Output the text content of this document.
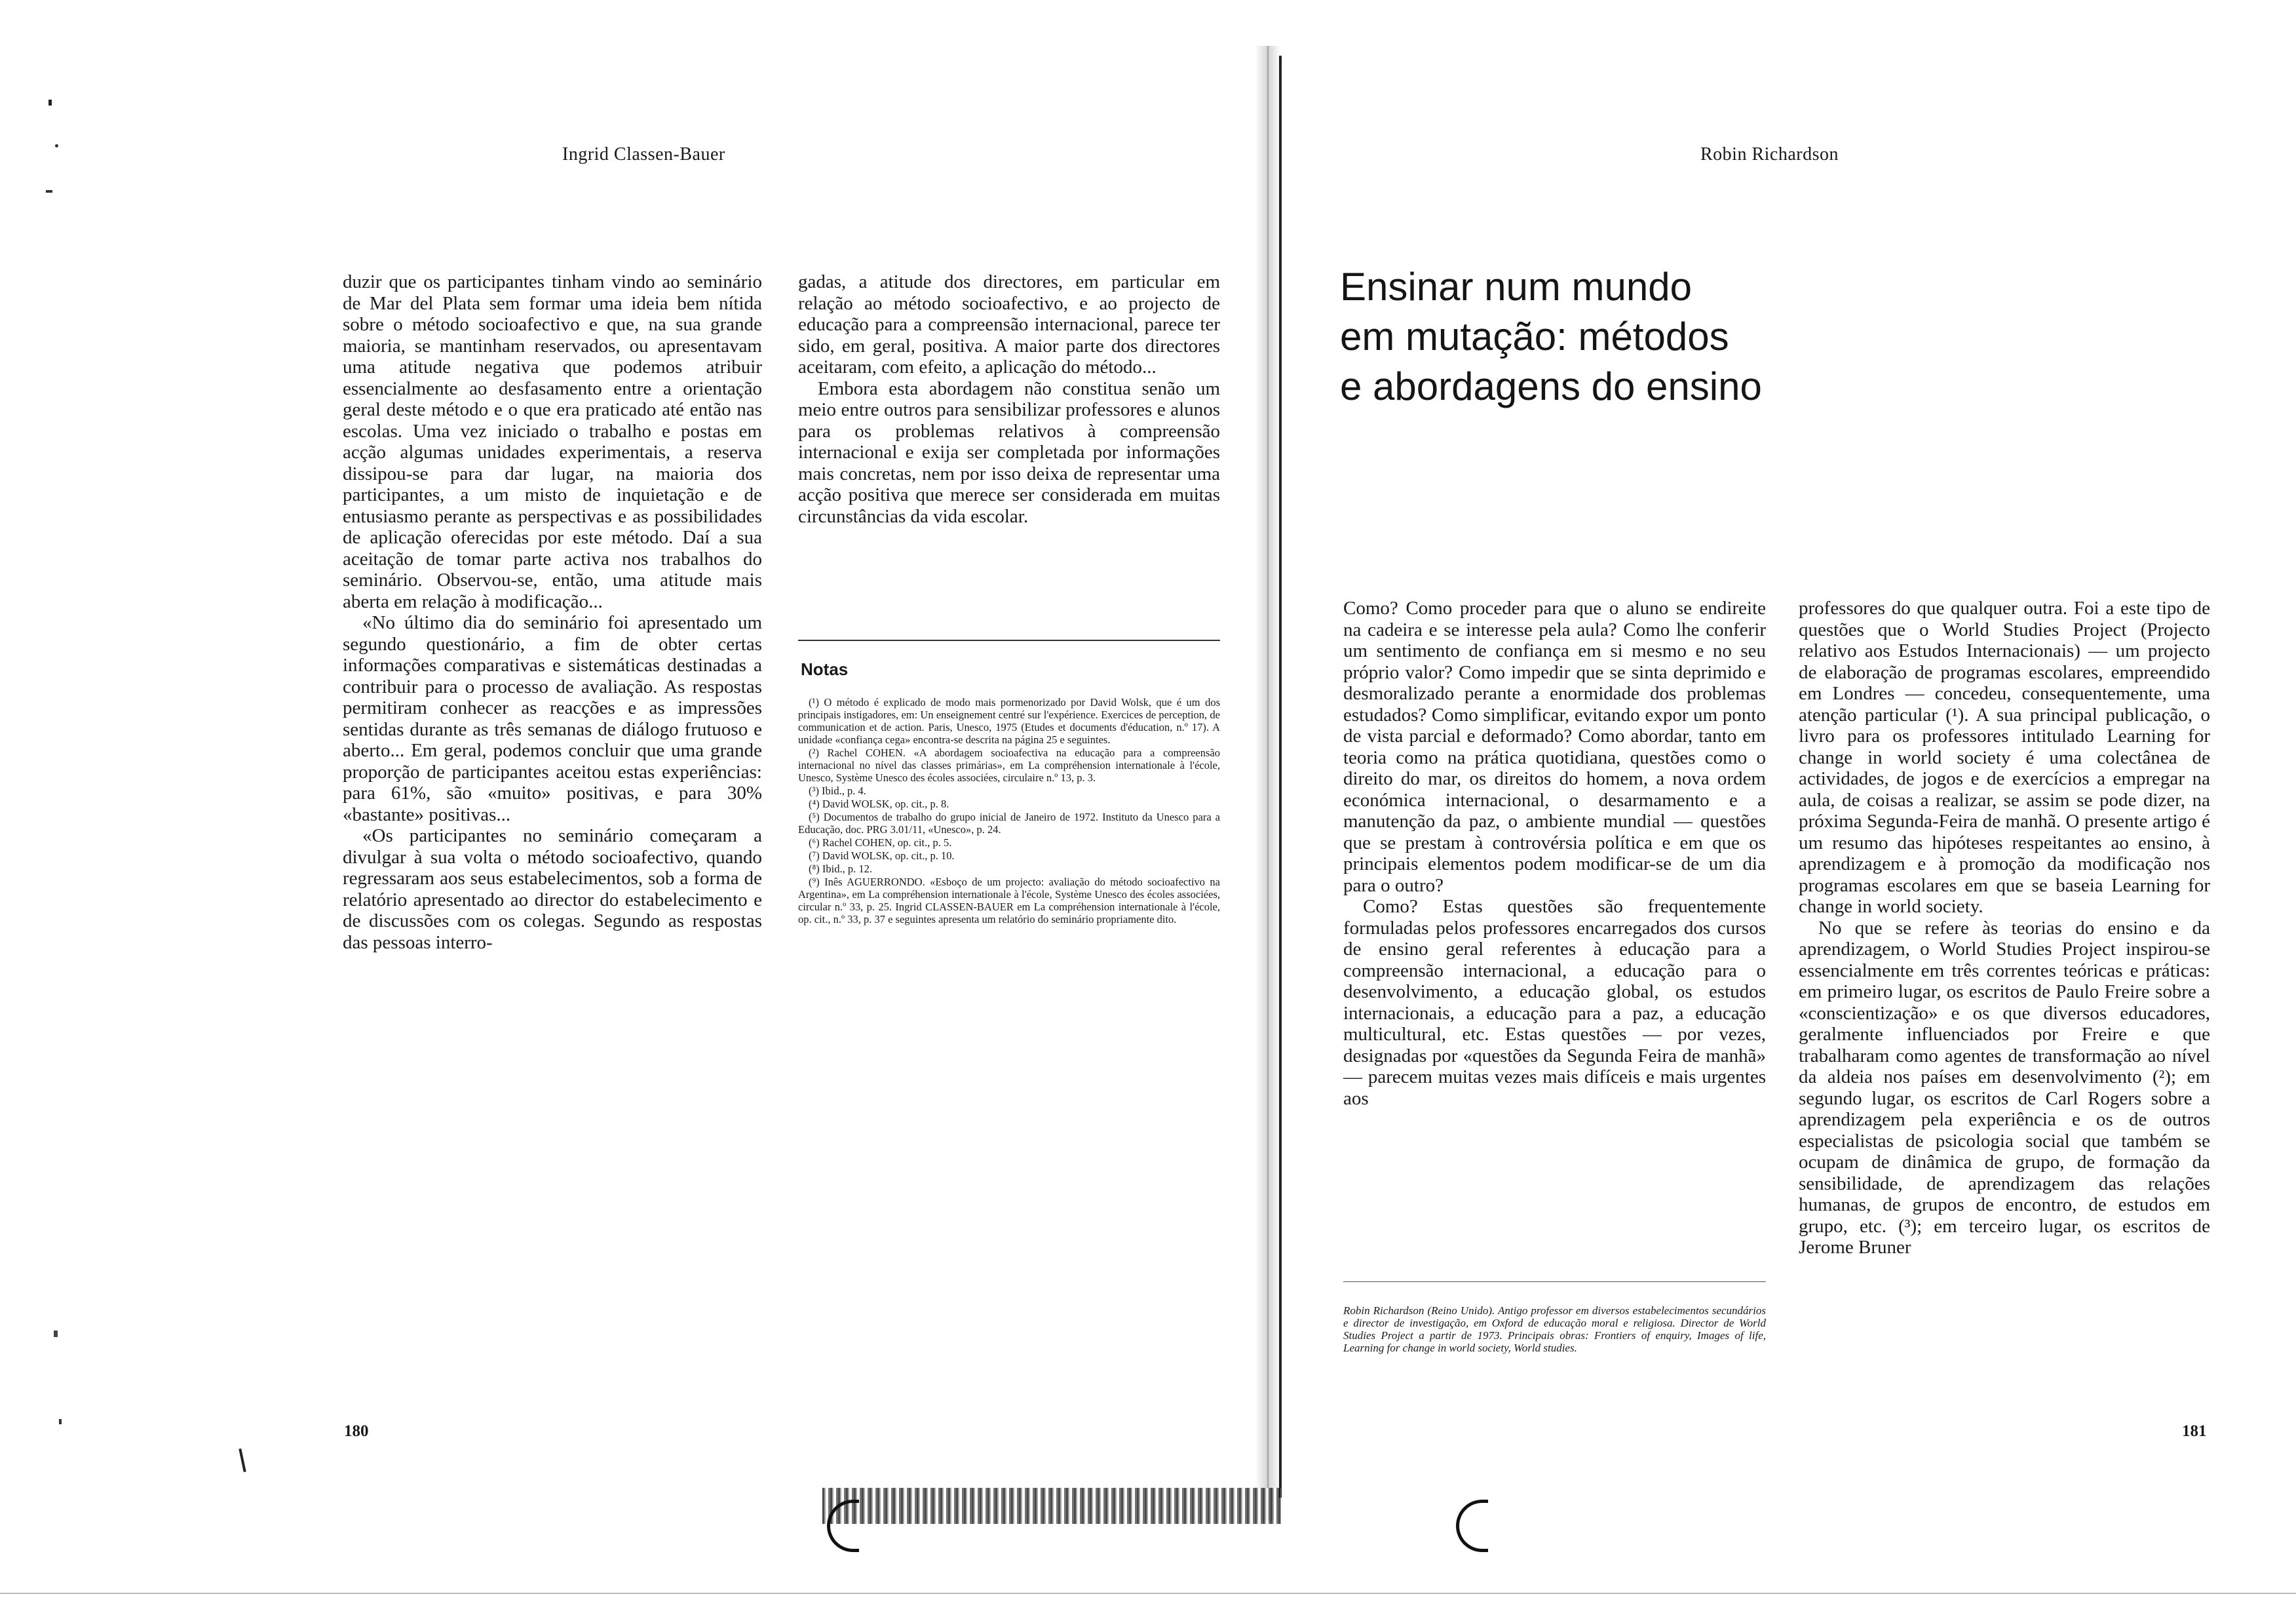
Ingrid Classen-Bauer

duzir que os participantes tinham vindo ao seminário de Mar del Plata sem formar uma ideia bem nítida sobre o método socioafectivo e que, na sua grande maioria, se mantinham reservados, ou apresentavam uma atitude negativa que podemos atribuir essencialmente ao desfasamento entre a orientação geral deste método e o que era praticado até então nas escolas. Uma vez iniciado o trabalho e postas em acção algumas unidades experimentais, a reserva dissipou-se para dar lugar, na maioria dos participantes, a um misto de inquietação e de entusiasmo perante as perspectivas e as possibilidades de aplicação oferecidas por este método. Daí a sua aceitação de tomar parte activa nos trabalhos do seminário. Observou-se, então, uma atitude mais aberta em relação à modificação...

«No último dia do seminário foi apresentado um segundo questionário, a fim de obter certas informações comparativas e sistemáticas destinadas a contribuir para o processo de avaliação. As respostas permitiram conhecer as reacções e as impressões sentidas durante as três semanas de diálogo frutuoso e aberto... Em geral, podemos concluir que uma grande proporção de participantes aceitou estas experiências: para 61%, são «muito» positivas, e para 30% «bastante» positivas...

«Os participantes no seminário começaram a divulgar à sua volta o método socioafectivo, quando regressaram aos seus estabelecimentos, sob a forma de relatório apresentado ao director do estabelecimento e de discussões com os colegas. Segundo as respostas das pessoas interro-

gadas, a atitude dos directores, em particular em relação ao método socioafectivo, e ao projecto de educação para a compreensão internacional, parece ter sido, em geral, positiva. A maior parte dos directores aceitaram, com efeito, a aplicação do método...

Embora esta abordagem não constitua senão um meio entre outros para sensibilizar professores e alunos para os problemas relativos à compreensão internacional e exija ser completada por informações mais concretas, nem por isso deixa de representar uma acção positiva que merece ser considerada em muitas circunstâncias da vida escolar.

Notas

(¹) O método é explicado de modo mais pormenorizado por David Wolsk, que é um dos principais instigadores, em: Un enseignement centré sur l'expérience. Exercices de perception, de communication et de action. Paris, Unesco, 1975 (Etudes et documents d'éducation, n.º 17). A unidade «confiança cega» encontra-se descrita na página 25 e seguintes.

(²) Rachel COHEN. «A abordagem socioafectiva na educação para a compreensão internacional no nível das classes primárias», em La compréhension internationale à l'école, Unesco, Système Unesco des écoles associées, circulaire n.º 13, p. 3.

(³) Ibid., p. 4.

(⁴) David WOLSK, op. cit., p. 8.

(⁵) Documentos de trabalho do grupo inicial de Janeiro de 1972. Instituto da Unesco para a Educação, doc. PRG 3.01/11, «Unesco», p. 24.

(⁶) Rachel COHEN, op. cit., p. 5.

(⁷) David WOLSK, op. cit., p. 10.

(⁸) Ibid., p. 12.

(⁹) Inês AGUERRONDO. «Esboço de um projecto: avaliação do método socioafectivo na Argentina», em La compréhension internationale à l'école, Système Unesco des écoles associées, circular n.º 33, p. 25. Ingrid CLASSEN-BAUER em La compréhension internationale à l'école, op. cit., n.º 33, p. 37 e seguintes apresenta um relatório do seminário propriamente dito.

180
Robin Richardson
Ensinar num mundo
em mutação: métodos
e abordagens do ensino

Como? Como proceder para que o aluno se endireite na cadeira e se interesse pela aula? Como lhe conferir um sentimento de confiança em si mesmo e no seu próprio valor? Como impedir que se sinta deprimido e desmoralizado perante a enormidade dos problemas estudados? Como simplificar, evitando expor um ponto de vista parcial e deformado? Como abordar, tanto em teoria como na prática quotidiana, questões como o direito do mar, os direitos do homem, a nova ordem económica internacional, o desarmamento e a manutenção da paz, o ambiente mundial — questões que se prestam à controvérsia política e em que os principais elementos podem modificar-se de um dia para o outro?

Como? Estas questões são frequentemente formuladas pelos professores encarregados dos cursos de ensino geral referentes à educação para a compreensão internacional, a educação para o desenvolvimento, a educação global, os estudos internacionais, a educação para a paz, a educação multicultural, etc. Estas questões — por vezes, designadas por «questões da Segunda Feira de manhã» — parecem muitas vezes mais difíceis e mais urgentes aos

Robin Richardson (Reino Unido). Antigo professor em diversos estabelecimentos secundários e director de investigação, em Oxford de educação moral e religiosa. Director de World Studies Project a partir de 1973. Principais obras: Frontiers of enquiry, Images of life, Learning for change in world society, World studies.

professores do que qualquer outra. Foi a este tipo de questões que o World Studies Project (Projecto relativo aos Estudos Internacionais) — um projecto de elaboração de programas escolares, empreendido em Londres — concedeu, consequentemente, uma atenção particular (¹). A sua principal publicação, o livro para os professores intitulado Learning for change in world society é uma colectânea de actividades, de jogos e de exercícios a empregar na aula, de coisas a realizar, se assim se pode dizer, na próxima Segunda-Feira de manhã. O presente artigo é um resumo das hipóteses respeitantes ao ensino, à aprendizagem e à promoção da modificação nos programas escolares em que se baseia Learning for change in world society.

No que se refere às teorias do ensino e da aprendizagem, o World Studies Project inspirou-se essencialmente em três correntes teóricas e práticas: em primeiro lugar, os escritos de Paulo Freire sobre a «conscientização» e os que diversos educadores, geralmente influenciados por Freire e que trabalharam como agentes de transformação ao nível da aldeia nos países em desenvolvimento (²); em segundo lugar, os escritos de Carl Rogers sobre a aprendizagem pela experiência e os de outros especialistas de psicologia social que também se ocupam de dinâmica de grupo, de formação da sensibilidade, de aprendizagem das relações humanas, de grupos de encontro, de estudos em grupo, etc. (³); em terceiro lugar, os escritos de Jerome Bruner

181
